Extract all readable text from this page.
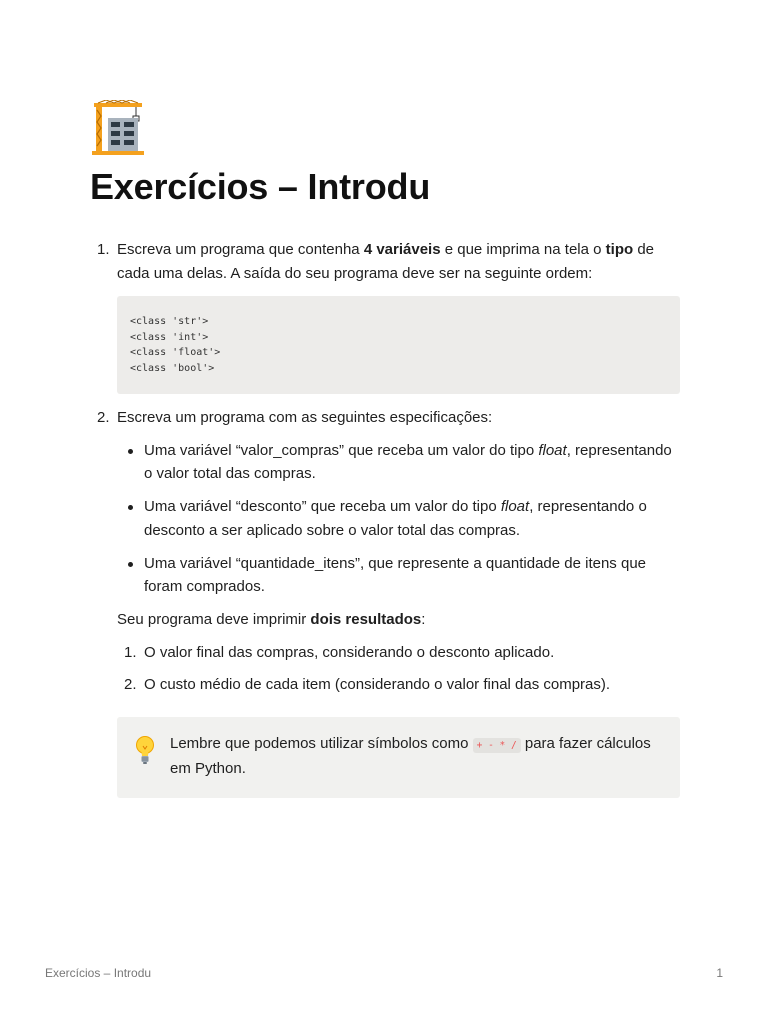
Exercícios – Introdu
1. Escreva um programa que contenha 4 variáveis e que imprima na tela o tipo de cada uma delas. A saída do seu programa deve ser na seguinte ordem:

<class 'str'>
<class 'int'>
<class 'float'>
<class 'bool'>
2. Escreva um programa com as seguintes especificações:

Uma variável “valor_compras” que receba um valor do tipo float, representando o valor total das compras.
Uma variável “desconto” que receba um valor do tipo float, representando o desconto a ser aplicado sobre o valor total das compras.
Uma variável “quantidade_itens”, que represente a quantidade de itens que foram comprados.

Seu programa deve imprimir dois resultados:

1. O valor final das compras, considerando o desconto aplicado.
2. O custo médio de cada item (considerando o valor final das compras).
Lembre que podemos utilizar símbolos como + - * / para fazer cálculos em Python.
Exercícios – Introdu	1
